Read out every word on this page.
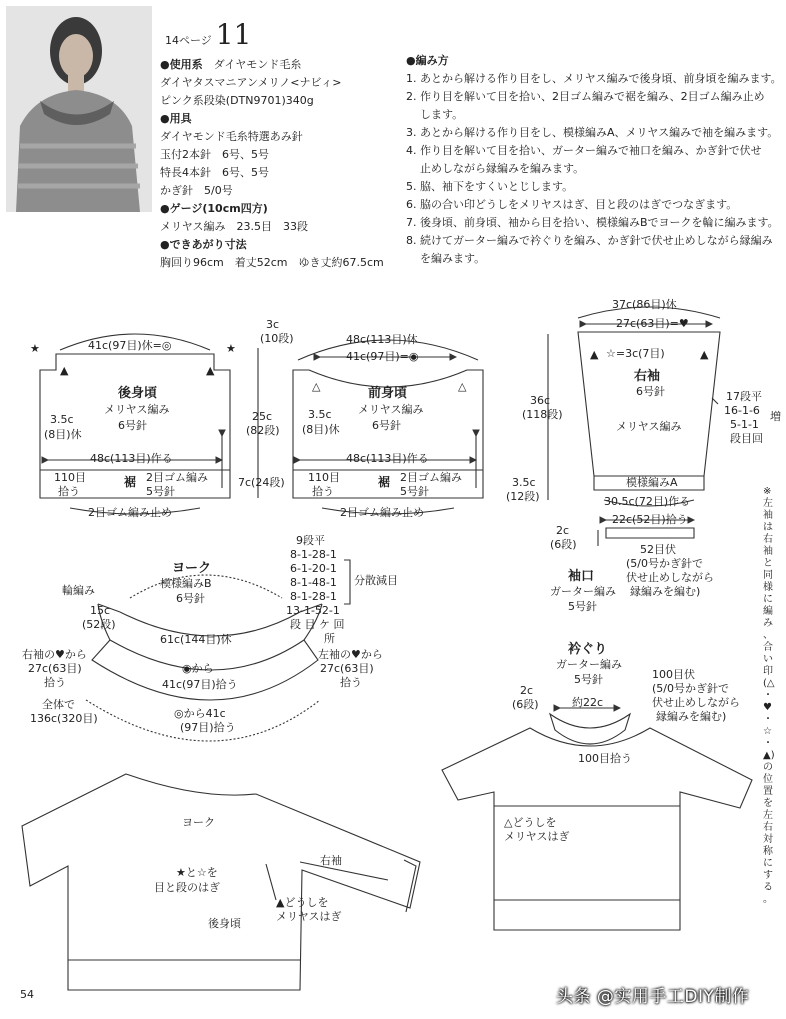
14ページ 11
●使用系　 ダイヤモンド毛糸
ダイヤタスマニアンメリノ<ナビィ>
ピンク系段染(DTN9701)340g
●用具
ダイヤモンド毛糸特選あみ針
玉付2本針　6号、5号
特長4本針　6号、5号
かぎ針　5/0号
●ゲージ(10cm四方)
メリヤス編み　23.5目　33段
●できあがり寸法
胸回り96cm　着丈52cm　ゆき丈約67.5cm
●編み方
1. あとから解ける作り目をし、メリヤス編みで後身頃、前身頃を編みます。
2. 作り目を解いて目を拾い、2目ゴム編みで裾を編み、2目ゴム編み止め
します。
3. あとから解ける作り目をし、模様編みA、メリヤス編みで袖を編みます。
4. 作り目を解いて目を拾い、ガーター編みで袖口を編み、かぎ針で伏せ
止めしながら縁編みを編みます。
5. 脇、袖下をすくいとじします。
6. 脇の合い印どうしをメリヤスはぎ、目と段のはぎでつなぎます。
7. 後身頃、前身頃、袖から目を拾い、模様編みBでヨークを輪に編みます。
8. 続けてガーター編みで衿ぐりを編み、かぎ針で伏せ止めしながら縁編み
を編みます。
★	★
▲	▲
△	△
▲	▲
41c(97目)休=◎
後身頃
メリヤス編み
6号針
3.5c
(8目)休
48c(113目)作る
110目
拾う
裾 2目ゴム編み
5号針
2目ゴム編み止め
3c
(10段)
25c
(82段)
7c(24段)
48c(113目)休
41c(97目)=◉
前身頃
メリヤス編み
6号針
3.5c
(8目)休
48c(113目)作る
110目
拾う
裾 2目ゴム編み
5号針
2目ゴム編み止め
37c(86目)休
27c(63目)=♥
☆=3c(7目)
右袖
6号針
メリヤス編み
36c
(118段)
3.5c
(12段)
17段平
16-1-6
5-1-1
段目回
増
模様編みA
30.5c(72目)作る
22c(52目)拾う
2c
(6段)	52目伏
(5/0号かぎ針で
伏せ止めしながら
縁編みを編む)
袖口
ガーター編み
5号針
ヨーク
模様編みB
6号針
9段平
8-1-28-1
6-1-20-1
8-1-48-1
8-1-28-1
13-1-52-1
分散減目
段 目 ケ 回
所
輪編み
15c
(52段)
61c(144目)休
右袖の♥から
27c(63目)
拾う
左袖の♥から
27c(63目)
拾う
◉から
41c(97目)拾う
全体で
136c(320目)	◎から41c
(97目)拾う
衿ぐり
ガーター編み
5号針
2c
(6段)	約22c
100目伏
(5/0号かぎ針で
伏せ止めしながら
縁編みを編む)
100目拾う
△どうしを
メリヤスはぎ
ヨーク
右袖
★と☆を
目と段のはぎ
後身頃
▲どうしを
メリヤスはぎ
※左袖は右袖と同様に編み、合い印(△・♥・☆・▲)の位置を左右対称にする。
54	头条 @实用手工DIY制作
